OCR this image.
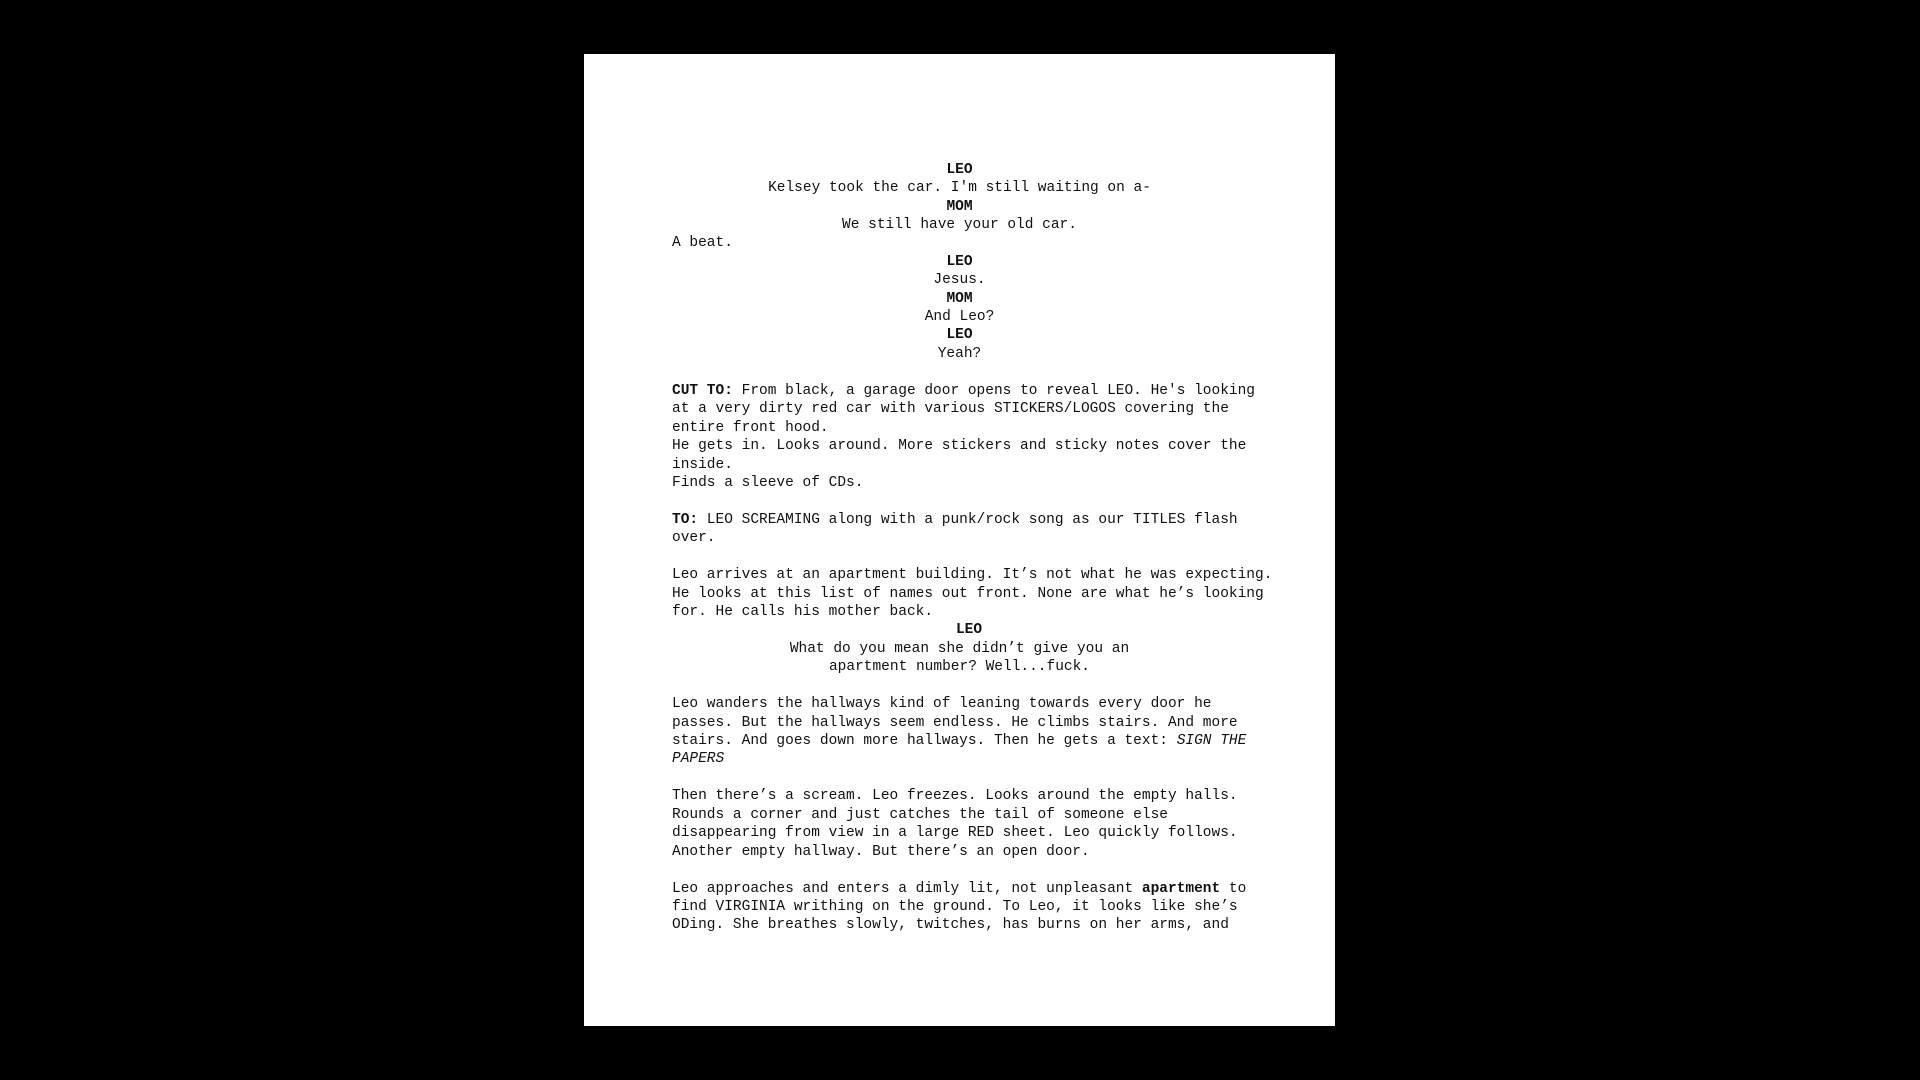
LEO
Kelsey took the car. I'm still waiting on a-
MOM
We still have your old car.
A beat.
LEO
Jesus.
MOM
And Leo?
LEO
Yeah?
CUT TO: From black, a garage door opens to reveal LEO. He's looking
at a very dirty red car with various STICKERS/LOGOS covering the
entire front hood.
He gets in. Looks around. More stickers and sticky notes cover the
inside.
Finds a sleeve of CDs.
TO: LEO SCREAMING along with a punk/rock song as our TITLES flash
over.
Leo arrives at an apartment building. It’s not what he was expecting.
He looks at this list of names out front. None are what he’s looking
for. He calls his mother back.
LEO
What do you mean she didn’t give you an
apartment number? Well...fuck.
Leo wanders the hallways kind of leaning towards every door he
passes. But the hallways seem endless. He climbs stairs. And more
stairs. And goes down more hallways. Then he gets a text: SIGN THE
PAPERS
Then there’s a scream. Leo freezes. Looks around the empty halls.
Rounds a corner and just catches the tail of someone else
disappearing from view in a large RED sheet. Leo quickly follows.
Another empty hallway. But there’s an open door.
Leo approaches and enters a dimly lit, not unpleasant apartment to
find VIRGINIA writhing on the ground. To Leo, it looks like she’s
ODing. She breathes slowly, twitches, has burns on her arms, and
